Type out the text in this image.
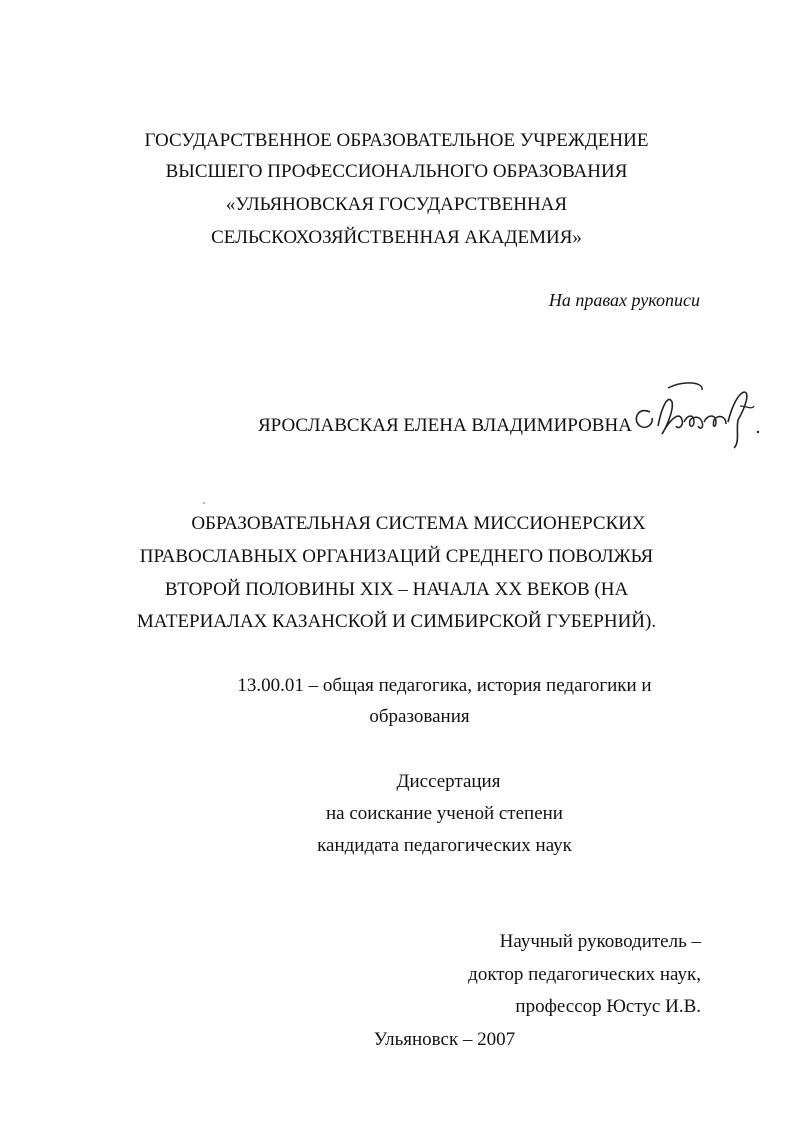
ГОСУДАРСТВЕННОЕ ОБРАЗОВАТЕЛЬНОЕ УЧРЕЖДЕНИЕ
ВЫСШЕГО ПРОФЕССИОНАЛЬНОГО ОБРАЗОВАНИЯ
«УЛЬЯНОВСКАЯ ГОСУДАРСТВЕННАЯ
СЕЛЬСКОХОЗЯЙСТВЕННАЯ АКАДЕМИЯ»
На правах рукописи
ЯРОСЛАВСКАЯ ЕЛЕНА ВЛАДИМИРОВНА
ОБРАЗОВАТЕЛЬНАЯ СИСТЕМА МИССИОНЕРСКИХ
ПРАВОСЛАВНЫХ ОРГАНИЗАЦИЙ СРЕДНЕГО ПОВОЛЖЬЯ
ВТОРОЙ ПОЛОВИНЫ XIX – НАЧАЛА XX ВЕКОВ (НА
МАТЕРИАЛАХ КАЗАНСКОЙ И СИМБИРСКОЙ ГУБЕРНИЙ).
13.00.01 – общая педагогика, история педагогики и
образования
Диссертация
на соискание ученой степени
кандидата педагогических наук
Научный руководитель –
доктор педагогических наук,
профессор Юстус И.В.
Ульяновск – 2007
